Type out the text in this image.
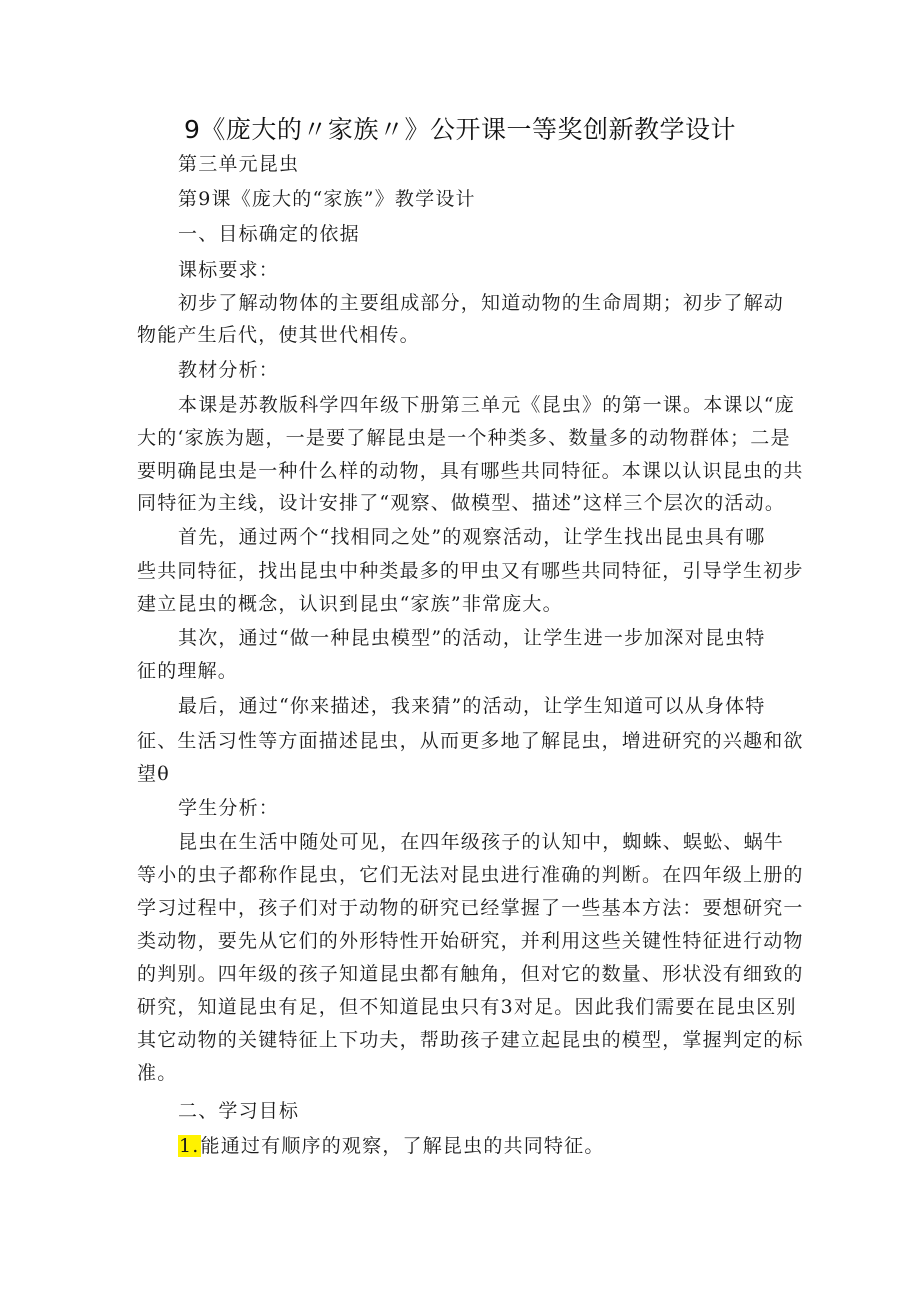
9《庞大的〃家族〃》公开课一等奖创新教学设计
第三单元昆虫
第9课《庞大的“家族”》教学设计
一、目标确定的依据
课标要求：
初步了解动物体的主要组成部分，知道动物的生命周期；初步了解动
物能产生后代，使其世代相传。
教材分析：
本课是苏教版科学四年级下册第三单元《昆虫》的第一课。本课以“庞
大的‘家族为题，一是要了解昆虫是一个种类多、数量多的动物群体；二是
要明确昆虫是一种什么样的动物，具有哪些共同特征。本课以认识昆虫的共
同特征为主线，设计安排了“观察、做模型、描述”这样三个层次的活动。
首先，通过两个“找相同之处”的观察活动，让学生找出昆虫具有哪
些共同特征，找出昆虫中种类最多的甲虫又有哪些共同特征，引导学生初步
建立昆虫的概念，认识到昆虫“家族”非常庞大。
其次，通过“做一种昆虫模型”的活动，让学生进一步加深对昆虫特
征的理解。
最后，通过“你来描述，我来猜”的活动，让学生知道可以从身体特
征、生活习性等方面描述昆虫，从而更多地了解昆虫，增进研究的兴趣和欲
望θ
学生分析：
昆虫在生活中随处可见，在四年级孩子的认知中，蜘蛛、蜈蚣、蜗牛
等小的虫子都称作昆虫，它们无法对昆虫进行准确的判断。在四年级上册的
学习过程中，孩子们对于动物的研究已经掌握了一些基本方法：要想研究一
类动物，要先从它们的外形特性开始研究，并利用这些关键性特征进行动物
的判别。四年级的孩子知道昆虫都有触角，但对它的数量、形状没有细致的
研究，知道昆虫有足，但不知道昆虫只有3对足。因此我们需要在昆虫区别
其它动物的关键特征上下功夫，帮助孩子建立起昆虫的模型，掌握判定的标
准。
二、学习目标
1.能通过有顺序的观察，了解昆虫的共同特征。
